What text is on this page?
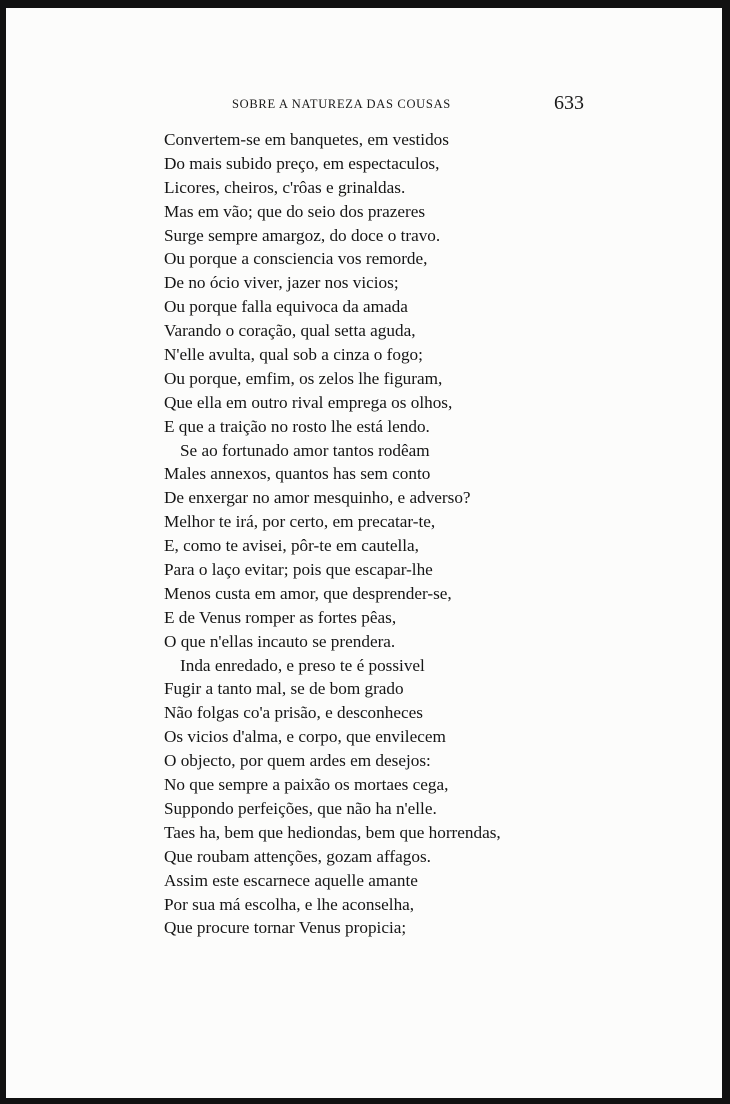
SOBRE A NATUREZA DAS COUSAS	633
Convertem-se em banquetes, em vestidos
Do mais subido preço, em espectaculos,
Licores, cheiros, c'rôas e grinaldas.
Mas em vão; que do seio dos prazeres
Surge sempre amargoz, do doce o travo.
Ou porque a consciencia vos remorde,
De no ócio viver, jazer nos vicios;
Ou porque falla equivoca da amada
Varando o coração, qual setta aguda,
N'elle avulta, qual sob a cinza o fogo;
Ou porque, emfim, os zelos lhe figuram,
Que ella em outro rival emprega os olhos,
E que a traição no rosto lhe está lendo.
Se ao fortunado amor tantos rodêam
Males annexos, quantos has sem conto
De enxergar no amor mesquinho, e adverso?
Melhor te irá, por certo, em precatar-te,
E, como te avisei, pôr-te em cautella,
Para o laço evitar; pois que escapar-lhe
Menos custa em amor, que desprender-se,
E de Venus romper as fortes pêas,
O que n'ellas incauto se prendera.
Inda enredado, e preso te é possivel
Fugir a tanto mal, se de bom grado
Não folgas co'a prisão, e desconheces
Os vicios d'alma, e corpo, que envilecem
O objecto, por quem ardes em desejos:
No que sempre a paixão os mortaes cega,
Suppondo perfeições, que não ha n'elle.
Taes ha, bem que hediondas, bem que horrendas,
Que roubam attenções, gozam affagos.
Assim este escarnece aquelle amante
Por sua má escolha, e lhe aconselha,
Que procure tornar Venus propicia;
